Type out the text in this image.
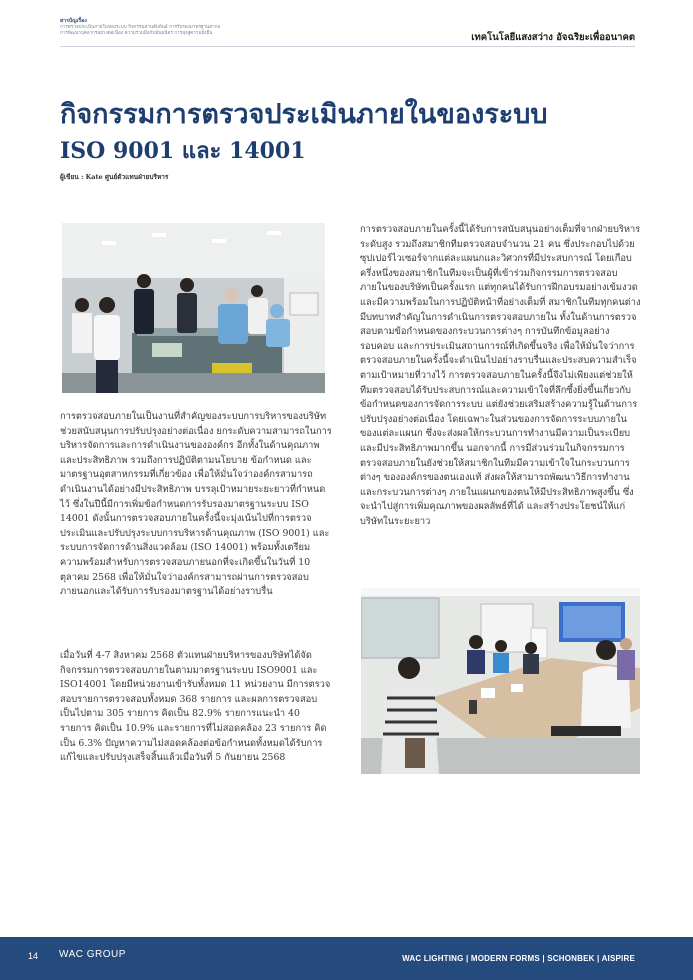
สารบัญเรื่อง
การตรวจประเมินภายในของระบบ กิจกรรมสานสัมพันธ์ การรับรองมาตรฐานสากล
การพัฒนาบุคลากรอย่างต่อเนื่อง ความร่วมมือกับพันธมิตร การมุ่งสู่ความยั่งยืน	เทคโนโลยีแสงสว่าง อัจฉริยะเพื่ออนาคต
กิจกรรมการตรวจประเมินภายในของระบบ
ISO 9001 และ 14001
ผู้เขียน : Kate ศูนย์ตัวแทนฝ่ายบริหาร

การตรวจสอบภายในเป็นงานที่สำคัญของระบบการบริหารของบริษัท ช่วยสนับสนุนการปรับปรุงอย่างต่อเนื่อง ยกระดับความสามารถในการบริหารจัดการและการดำเนินงานขององค์กร อีกทั้งในด้านคุณภาพและประสิทธิภาพ รวมถึงการปฏิบัติตามนโยบาย ข้อกำหนด และมาตรฐานอุตสาหกรรมที่เกี่ยวข้อง เพื่อให้มั่นใจว่าองค์กรสามารถดำเนินงานได้อย่างมีประสิทธิภาพ บรรลุเป้าหมายระยะยาวที่กำหนดไว้ ซึ่งในปีนี้มีการเพิ่มข้อกำหนดการรับรองมาตรฐานระบบ ISO 14001 ดังนั้นการตรวจสอบภายในครั้งนี้จะมุ่งเน้นไปที่การตรวจประเมินและปรับปรุงระบบการบริหารด้านคุณภาพ (ISO 9001) และระบบการจัดการด้านสิ่งแวดล้อม (ISO 14001) พร้อมทั้งเตรียมความพร้อมสำหรับการตรวจสอบภายนอกที่จะเกิดขึ้นในวันที่ 10 ตุลาคม 2568 เพื่อให้มั่นใจว่าองค์กรสามารถผ่านการตรวจสอบภายนอกและได้รับการรับรองมาตรฐานได้อย่างราบรื่น

เมื่อวันที่ 4-7 สิงหาคม 2568 ตัวแทนฝ่ายบริหารของบริษัทได้จัดกิจกรรมการตรวจสอบภายในตามมาตรฐานระบบ ISO9001 และ ISO14001 โดยมีหน่วยงานเข้ารับทั้งหมด 11 หน่วยงาน มีการตรวจสอบรายการตรวจสอบทั้งหมด 368 รายการ และผลการตรวจสอบเป็นไปตาม 305 รายการ คิดเป็น 82.9% รายการแนะนำ 40 รายการ คิดเป็น 10.9% และรายการที่ไม่สอดคล้อง 23 รายการ คิดเป็น 6.3% ปัญหาความไม่สอดคล้องต่อข้อกำหนดทั้งหมดได้รับการแก้ไขและปรับปรุงเสร็จสิ้นแล้วเมื่อวันที่ 5 กันยายน 2568

การตรวจสอบภายในครั้งนี้ได้รับการสนับสนุนอย่างเต็มที่จากฝ่ายบริหารระดับสูง รวมถึงสมาชิกทีมตรวจสอบจำนวน 21 คน ซึ่งประกอบไปด้วยซุปเปอร์ไวเซอร์จากแต่ละแผนกและวิศวกรที่มีประสบการณ์ โดยเกือบครึ่งหนึ่งของสมาชิกในทีมจะเป็นผู้ที่เข้าร่วมกิจกรรมการตรวจสอบภายในของบริษัทเป็นครั้งแรก แต่ทุกคนได้รับการฝึกอบรมอย่างเข้มงวดและมีความพร้อมในการปฏิบัติหน้าที่อย่างเต็มที่ สมาชิกในทีมทุกคนต่างมีบทบาทสำคัญในการดำเนินการตรวจสอบภายใน ทั้งในด้านการตรวจสอบตามข้อกำหนดของกระบวนการต่างๆ การบันทึกข้อมูลอย่างรอบคอบ และการประเมินสถานการณ์ที่เกิดขึ้นจริง เพื่อให้มั่นใจว่าการตรวจสอบภายในครั้งนี้จะดำเนินไปอย่างราบรื่นและประสบความสำเร็จตามเป้าหมายที่วางไว้ การตรวจสอบภายในครั้งนี้จึงไม่เพียงแต่ช่วยให้ทีมตรวจสอบได้รับประสบการณ์และความเข้าใจที่ลึกซึ้งยิ่งขึ้นเกี่ยวกับข้อกำหนดของการจัดการระบบ แต่ยังช่วยเสริมสร้างความรู้ในด้านการปรับปรุงอย่างต่อเนื่อง โดยเฉพาะในส่วนของการจัดการระบบภายในของแต่ละแผนก ซึ่งจะส่งผลให้กระบวนการทำงานมีความเป็นระเบียบและมีประสิทธิภาพมากขึ้น นอกจากนี้ การมีส่วนร่วมในกิจกรรมการตรวจสอบภายในยังช่วยให้สมาชิกในทีมมีความเข้าใจในกระบวนการต่างๆ ขององค์กรของตนเองแท้ ส่งผลให้สามารถพัฒนาวิธีการทำงานและกระบวนการต่างๆ ภายในแผนกของตนให้มีประสิทธิภาพสูงขึ้น ซึ่งจะนำไปสู่การเพิ่มคุณภาพของผลลัพธ์ที่ได้ และสร้างประโยชน์ให้แก่บริษัทในระยะยาว

14 WAC GROUP	WAC LIGHTING | MODERN FORMS | SCHONBEK | AISPIRE
